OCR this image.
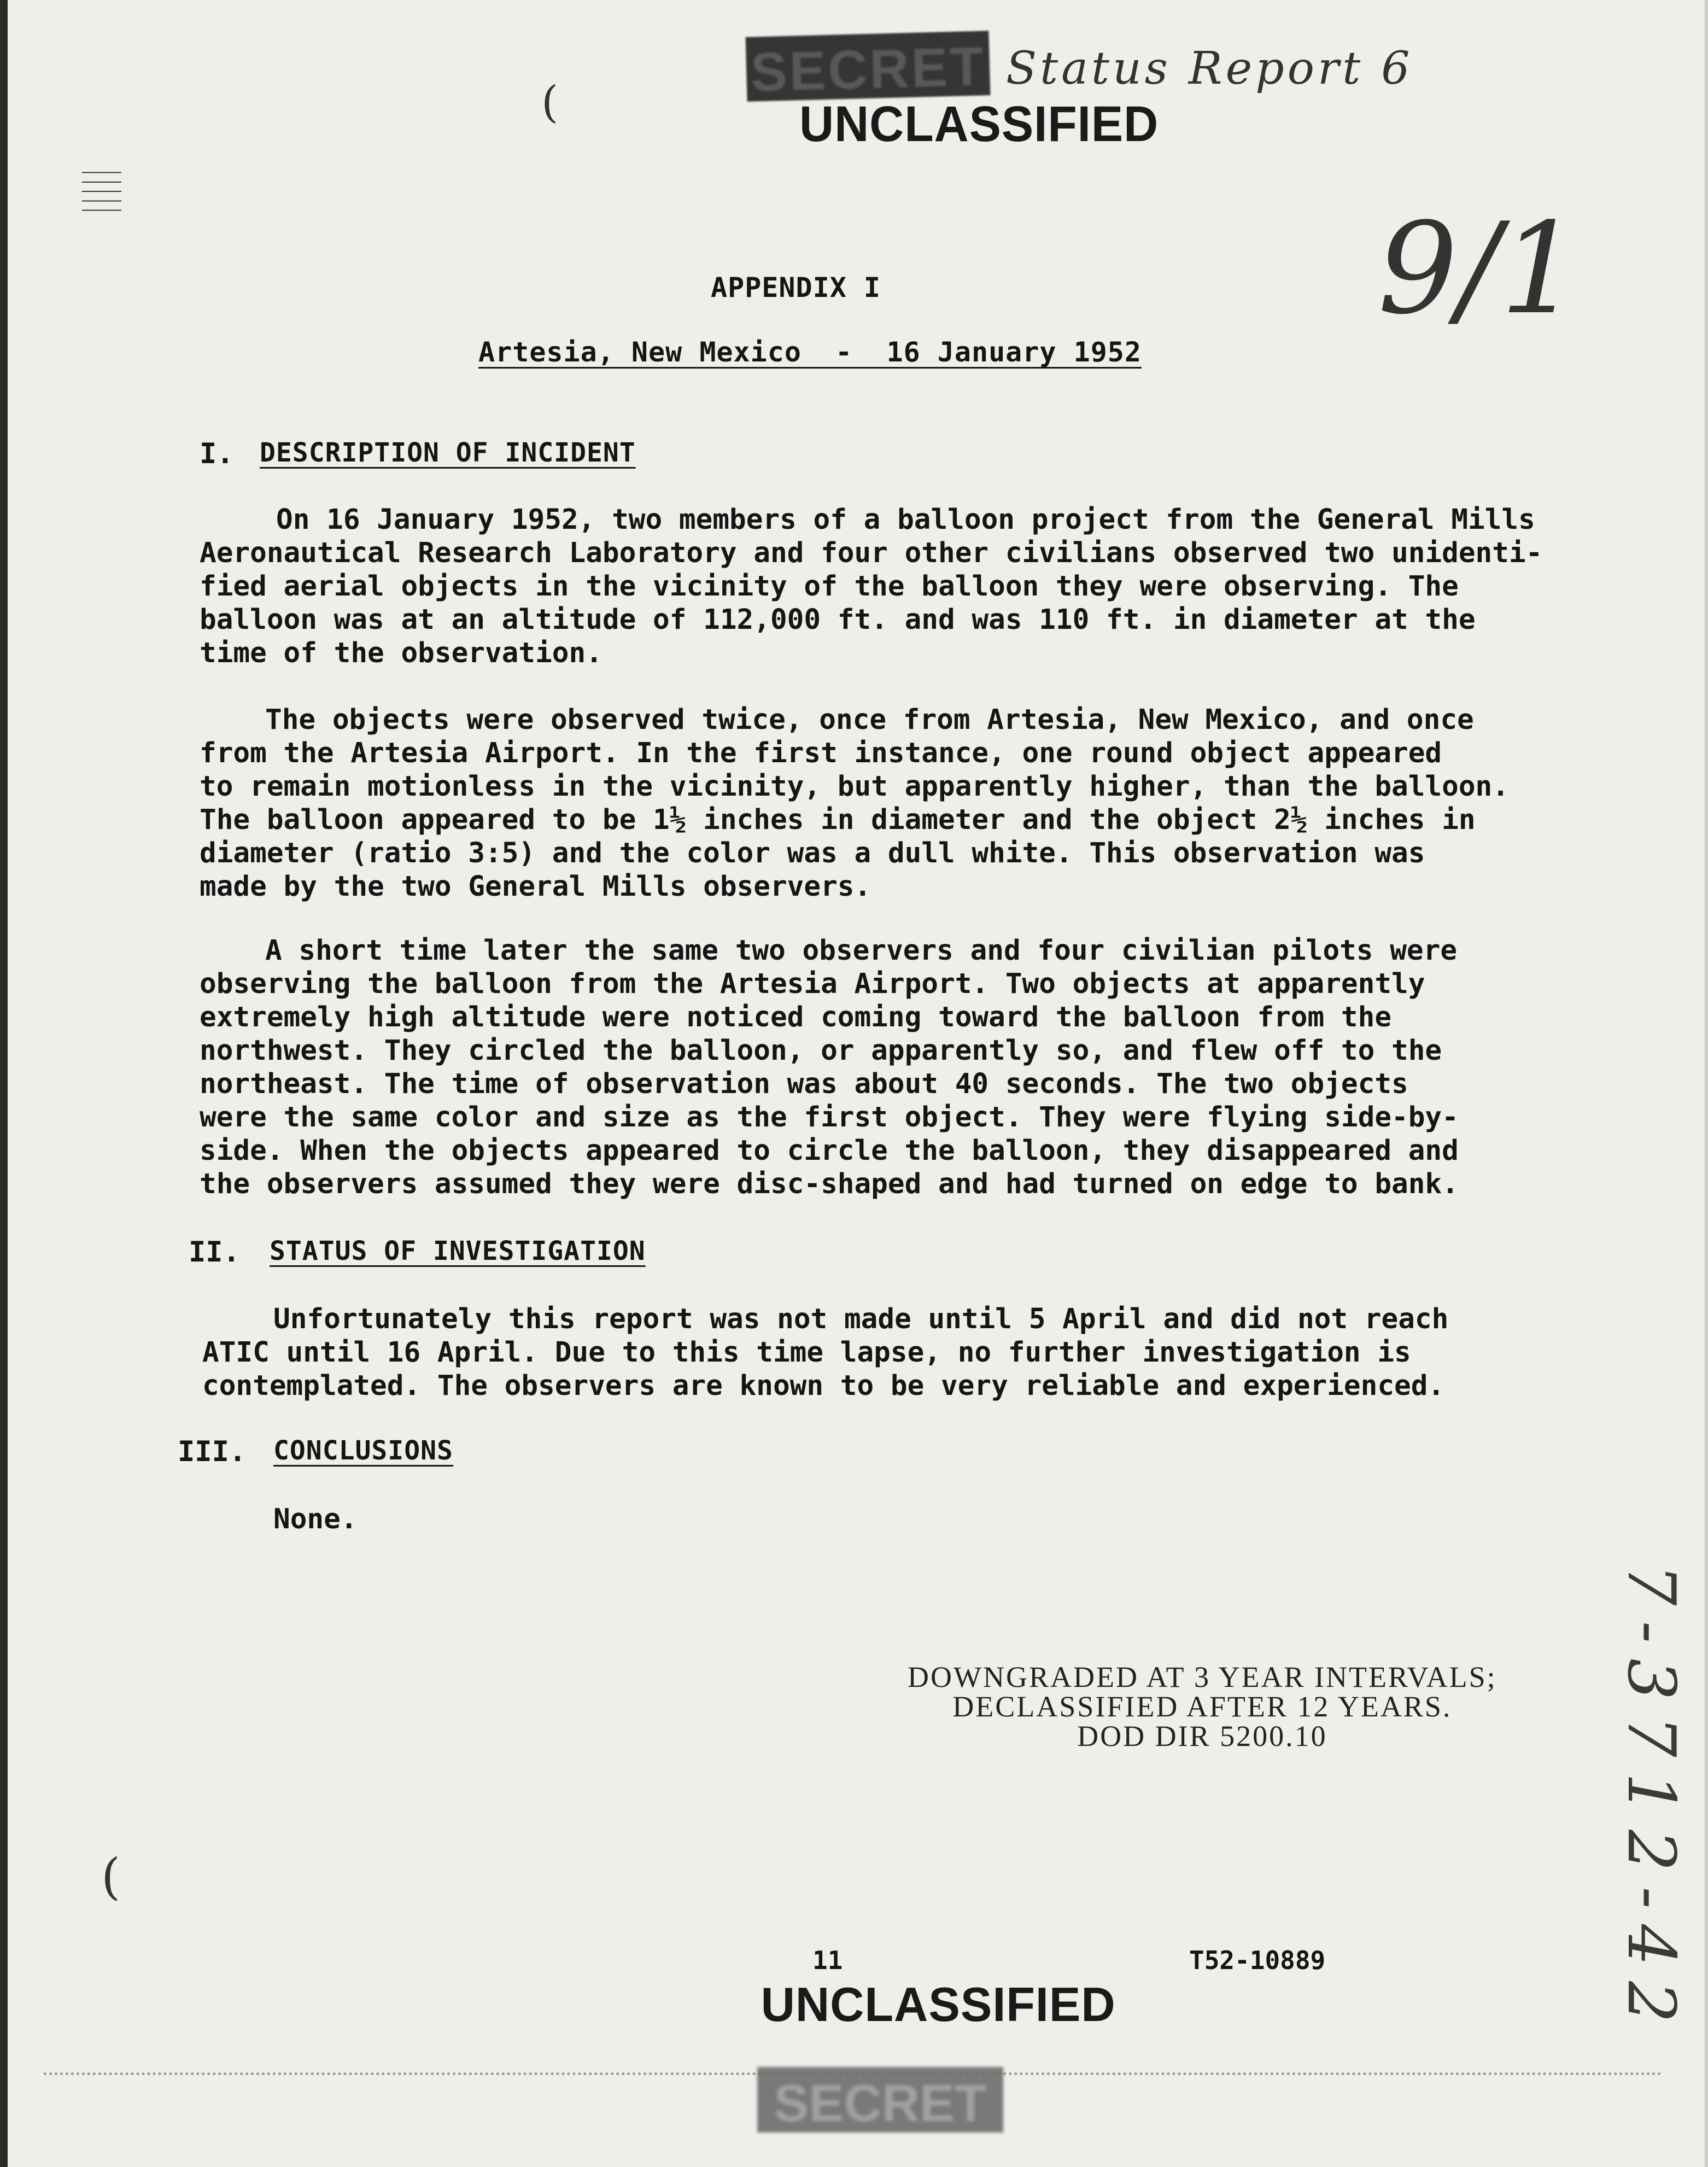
SECRET Status Report 6
UNCLASSIFIED
9/1
𝄚
(
(
APPENDIX I
Artesia, New Mexico  -  16 January 1952
I. DESCRIPTION OF INCIDENT
On 16 January 1952, two members of a balloon project from the General Mills
Aeronautical Research Laboratory and four other civilians observed two unidenti-
fied aerial objects in the vicinity of the balloon they were observing. The
balloon was at an altitude of 112,000 ft. and was 110 ft. in diameter at the
time of the observation.
The objects were observed twice, once from Artesia, New Mexico, and once
from the Artesia Airport. In the first instance, one round object appeared
to remain motionless in the vicinity, but apparently higher, than the balloon.
The balloon appeared to be 1½ inches in diameter and the object 2½ inches in
diameter (ratio 3:5) and the color was a dull white. This observation was
made by the two General Mills observers.
A short time later the same two observers and four civilian pilots were
observing the balloon from the Artesia Airport. Two objects at apparently
extremely high altitude were noticed coming toward the balloon from the
northwest. They circled the balloon, or apparently so, and flew off to the
northeast. The time of observation was about 40 seconds. The two objects
were the same color and size as the first object. They were flying side-by-
side. When the objects appeared to circle the balloon, they disappeared and
the observers assumed they were disc-shaped and had turned on edge to bank.
II. STATUS OF INVESTIGATION
Unfortunately this report was not made until 5 April and did not reach
ATIC until 16 April. Due to this time lapse, no further investigation is
contemplated. The observers are known to be very reliable and experienced.
III. CONCLUSIONS
None.
DOWNGRADED AT 3 YEAR INTERVALS;
DECLASSIFIED AFTER 12 YEARS.
DOD DIR 5200.10	7-3712-42
11	T52-10889
UNCLASSIFIED
SECRET
